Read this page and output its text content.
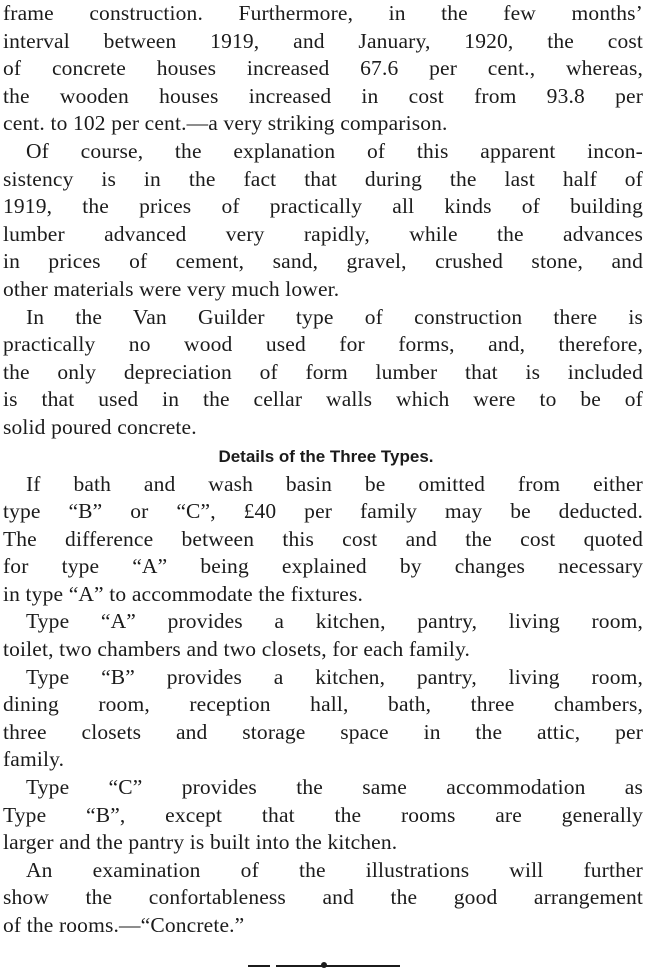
frame construction. Furthermore, in the few months’
interval between 1919, and January, 1920, the cost
of concrete houses increased 67.6 per cent., whereas,
the wooden houses increased in cost from 93.8 per
cent. to 102 per cent.—a very striking comparison.
Of course, the explanation of this apparent incon-
sistency is in the fact that during the last half of
1919, the prices of practically all kinds of building
lumber advanced very rapidly, while the advances
in prices of cement, sand, gravel, crushed stone, and
other materials were very much lower.
In the Van Guilder type of construction there is
practically no wood used for forms, and, therefore,
the only depreciation of form lumber that is included
is that used in the cellar walls which were to be of
solid poured concrete.
Details of the Three Types.
If bath and wash basin be omitted from either
type “B” or “C”, £40 per family may be deducted.
The difference between this cost and the cost quoted
for type “A” being explained by changes necessary
in type “A” to accommodate the fixtures.
Type “A” provides a kitchen, pantry, living room,
toilet, two chambers and two closets, for each family.
Type “B” provides a kitchen, pantry, living room,
dining room, reception hall, bath, three chambers,
three closets and storage space in the attic, per
family.
Type “C” provides the same accommodation as
Type “B”, except that the rooms are generally
larger and the pantry is built into the kitchen.
An examination of the illustrations will further
show the confortableness and the good arrangement
of the rooms.—“Concrete.”
